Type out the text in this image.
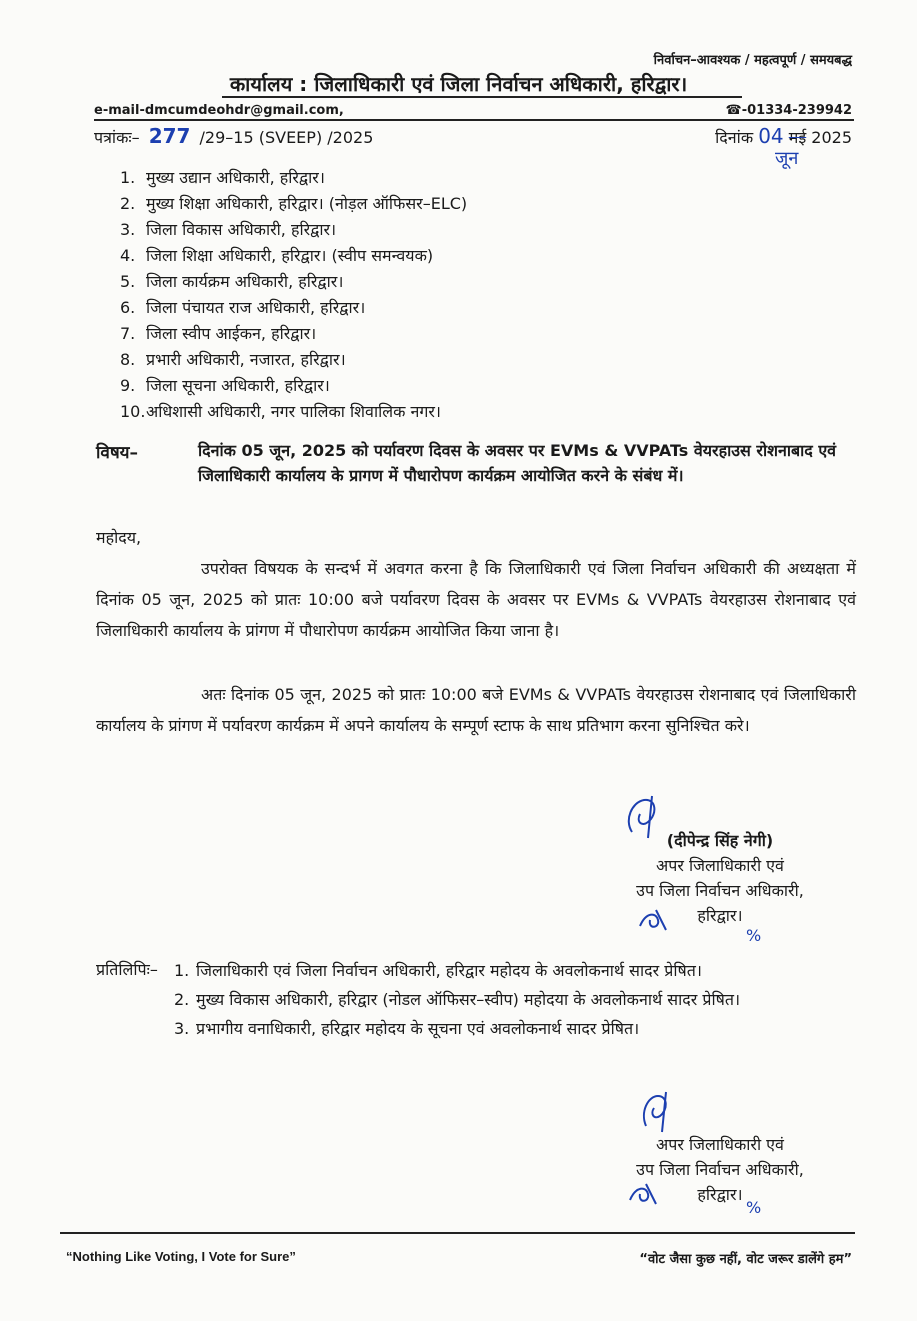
निर्वाचन–आवश्यक / महत्वपूर्ण / समयबद्ध
कार्यालय : जिलाधिकारी एवं जिला निर्वाचन अधिकारी, हरिद्वार।
e-mail-dmcumdeohdr@gmail.com,	☎-01334-239942
पत्रांकः– 277 /29–15 (SVEEP) /2025	दिनांक 04 मई 2025
जून
1. मुख्य उद्यान अधिकारी, हरिद्वार।
2. मुख्य शिक्षा अधिकारी, हरिद्वार। (नोड़ल ऑफिसर–ELC)
3. जिला विकास अधिकारी, हरिद्वार।
4. जिला शिक्षा अधिकारी, हरिद्वार। (स्वीप समन्वयक)
5. जिला कार्यक्रम अधिकारी, हरिद्वार।
6. जिला पंचायत राज अधिकारी, हरिद्वार।
7. जिला स्वीप आईकन, हरिद्वार।
8. प्रभारी अधिकारी, नजारत, हरिद्वार।
9. जिला सूचना अधिकारी, हरिद्वार।
10.अधिशासी अधिकारी, नगर पालिका शिवालिक नगर।
विषय–	दिनांक 05 जून, 2025 को पर्यावरण दिवस के अवसर पर EVMs & VVPATs वेयरहाउस रोशनाबाद एवं जिलाधिकारी कार्यालय के प्रागण में पौधारोपण कार्यक्रम आयोजित करने के संबंध में।
महोदय,
उपरोक्त विषयक के सन्दर्भ में अवगत करना है कि जिलाधिकारी एवं जिला निर्वाचन अधिकारी की अध्यक्षता में दिनांक 05 जून, 2025 को प्रातः 10:00 बजे पर्यावरण दिवस के अवसर पर EVMs & VVPATs वेयरहाउस रोशनाबाद एवं जिलाधिकारी कार्यालय के प्रांगण में पौधारोपण कार्यक्रम आयोजित किया जाना है।
अतः दिनांक 05 जून, 2025 को प्रातः 10:00 बजे EVMs & VVPATs वेयरहाउस रोशनाबाद एवं जिलाधिकारी कार्यालय के प्रांगण में पर्यावरण कार्यक्रम में अपने कार्यालय के सम्पूर्ण स्टाफ के साथ प्रतिभाग करना सुनिश्चित करे।
(दीपेन्द्र सिंह नेगी)
अपर जिलाधिकारी एवं
उप जिला निर्वाचन अधिकारी,
हरिद्वार।
%
प्रतिलिपिः– 1. जिलाधिकारी एवं जिला निर्वाचन अधिकारी, हरिद्वार महोदय के अवलोकनार्थ सादर प्रेषित।
2. मुख्य विकास अधिकारी, हरिद्वार (नोडल ऑफिसर–स्वीप) महोदया के अवलोकनार्थ सादर प्रेषित।
3. प्रभागीय वनाधिकारी, हरिद्वार महोदय के सूचना एवं अवलोकनार्थ सादर प्रेषित।
अपर जिलाधिकारी एवं
उप जिला निर्वाचन अधिकारी,
हरिद्वार।
%
“Nothing Like Voting, I Vote for Sure”	“वोट जैसा कुछ नहीं, वोट जरूर डालेंगे हम”
